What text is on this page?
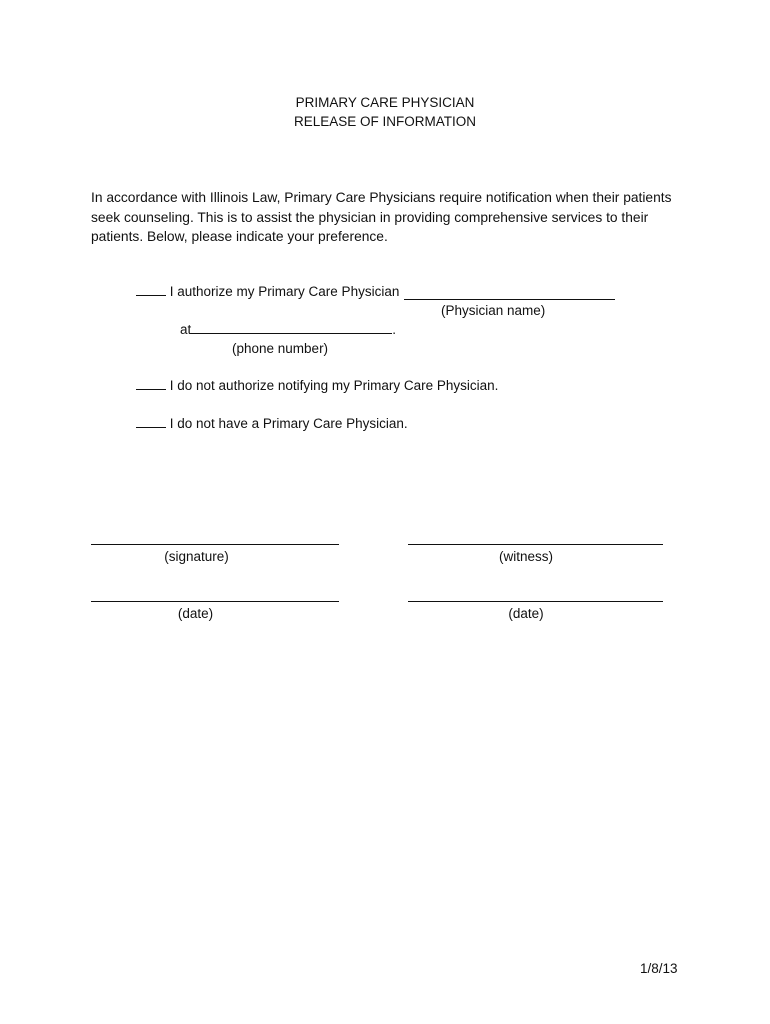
PRIMARY CARE PHYSICIAN
RELEASE OF INFORMATION
In accordance with Illinois Law, Primary Care Physicians require notification when their patients
seek counseling. This is to assist the physician in providing comprehensive services to their
patients. Below, please indicate your preference.
I authorize my Primary Care Physician
(Physician name)
at	.
(phone number)
I do not authorize notifying my Primary Care Physician.
I do not have a Primary Care Physician.
(signature)	(witness)
(date)	(date)
1/8/13
